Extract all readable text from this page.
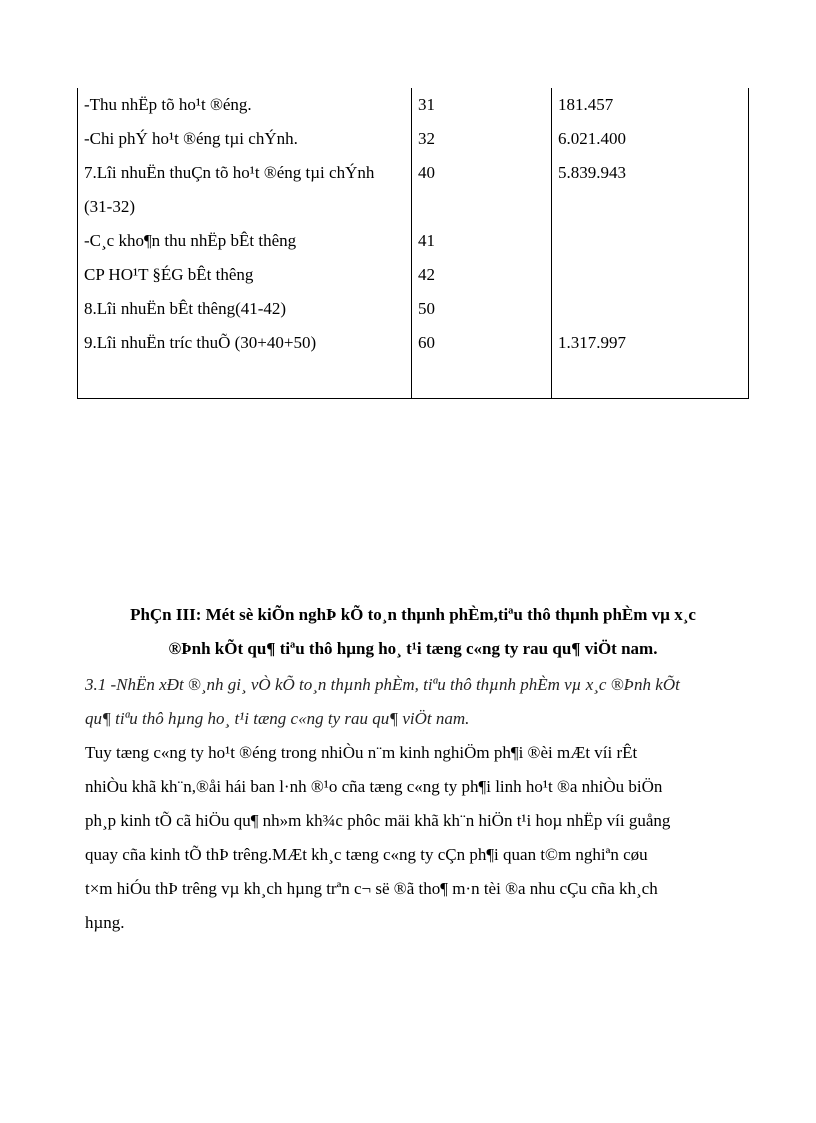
-Thu nhËp tõ ho¹t ®éng.	31	181.457
-Chi phÝ ho¹t ®éng tµi chÝnh.	32	6.021.400
7.Lîi nhuËn thuÇn tõ ho¹t ®éng tµi chÝnh	40	5.839.943
(31-32)
-C¸c kho¶n thu nhËp bÊt thêng	41
CP HO¹T §ÉG bÊt thêng	42
8.Lîi nhuËn bÊt thêng(41-42)	50
9.Lîi nhuËn tríc thuÕ (30+40+50)	60	1.317.997
PhÇn III: Mét sè kiÕn nghÞ kÕ to¸n thµnh phÈm,tiªu thô thµnh phÈm vµ x¸c
®Þnh kÕt qu¶ tiªu thô hµng ho¸ t¹i tæng c«ng ty rau qu¶ viÖt nam.
3.1 -NhËn xÐt ®¸nh gi¸ vÒ kÕ to¸n thµnh phÈm, tiªu thô thµnh phÈm vµ x¸c ®Þnh kÕt
qu¶ tiªu thô hµng ho¸ t¹i tæng c«ng ty rau qu¶ viÖt nam.
Tuy tæng c«ng ty ho¹t ®éng trong nhiÒu n¨m kinh nghiÖm ph¶i ®èi mÆt víi rÊt
nhiÒu khã kh¨n,®åi hái ban l·nh ®¹o cña tæng c«ng ty ph¶i linh ho¹t ®a nhiÒu biÖn
ph¸p kinh tÕ cã hiÖu qu¶ nh»m kh¾c phôc mäi khã kh¨n hiÖn t¹i hoµ nhËp víi guång
quay cña kinh tÕ thÞ trêng.MÆt kh¸c tæng c«ng ty cÇn ph¶i quan t©m nghiªn cøu
t×m hiÓu thÞ trêng vµ kh¸ch hµng trªn c¬ së ®ã tho¶ m·n tèi ®a nhu cÇu cña kh¸ch
hµng.
